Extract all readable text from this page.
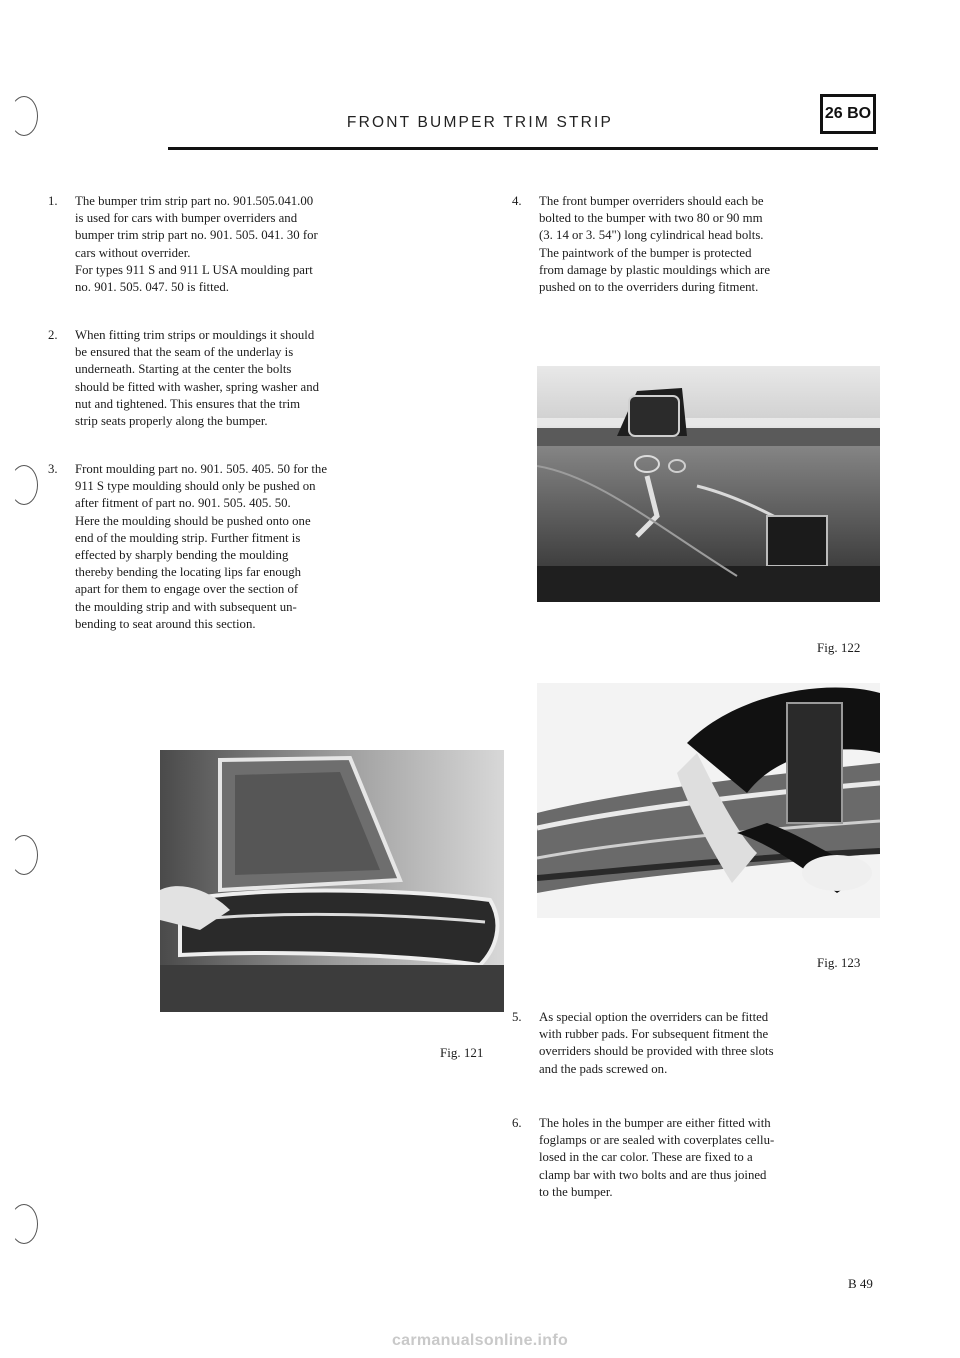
FRONT BUMPER TRIM STRIP
26 BO
1. The bumper trim strip part no. 901.505.041.00
is used for cars with bumper overriders and
bumper trim strip part no. 901. 505. 041. 30 for
cars without overrider.
For types 911 S and 911 L USA moulding part
no. 901. 505. 047. 50 is fitted.
2. When fitting trim strips or mouldings it should
be ensured that the seam of the underlay is
underneath. Starting at the center the bolts
should be fitted with washer, spring washer and
nut and tightened. This ensures that the trim
strip seats properly along the bumper.
3. Front moulding part no. 901. 505. 405. 50 for the
911 S type moulding should only be pushed on
after fitment of part no. 901. 505. 405. 50.
Here the moulding should be pushed onto one
end of the moulding strip. Further fitment is
effected by sharply bending the moulding
thereby bending the locating lips far enough
apart for them to engage over the section of
the moulding strip and with subsequent un-
bending to seat around this section.
4. The front bumper overriders should each be
bolted to the bumper with two 80 or 90 mm
(3. 14 or 3. 54") long cylindrical head bolts.
The paintwork of the bumper is protected
from damage by plastic mouldings which are
pushed on to the overriders during fitment.
Fig. 122
Fig. 123
Fig. 121
5. As special option the overriders can be fitted
with rubber pads. For subsequent fitment the
overriders should be provided with three slots
and the pads screwed on.
6. The holes in the bumper are either fitted with
foglamps or are sealed with coverplates cellu-
losed in the car color. These are fixed to a
clamp bar with two bolts and are thus joined
to the bumper.
B 49
carmanualsonline.info
